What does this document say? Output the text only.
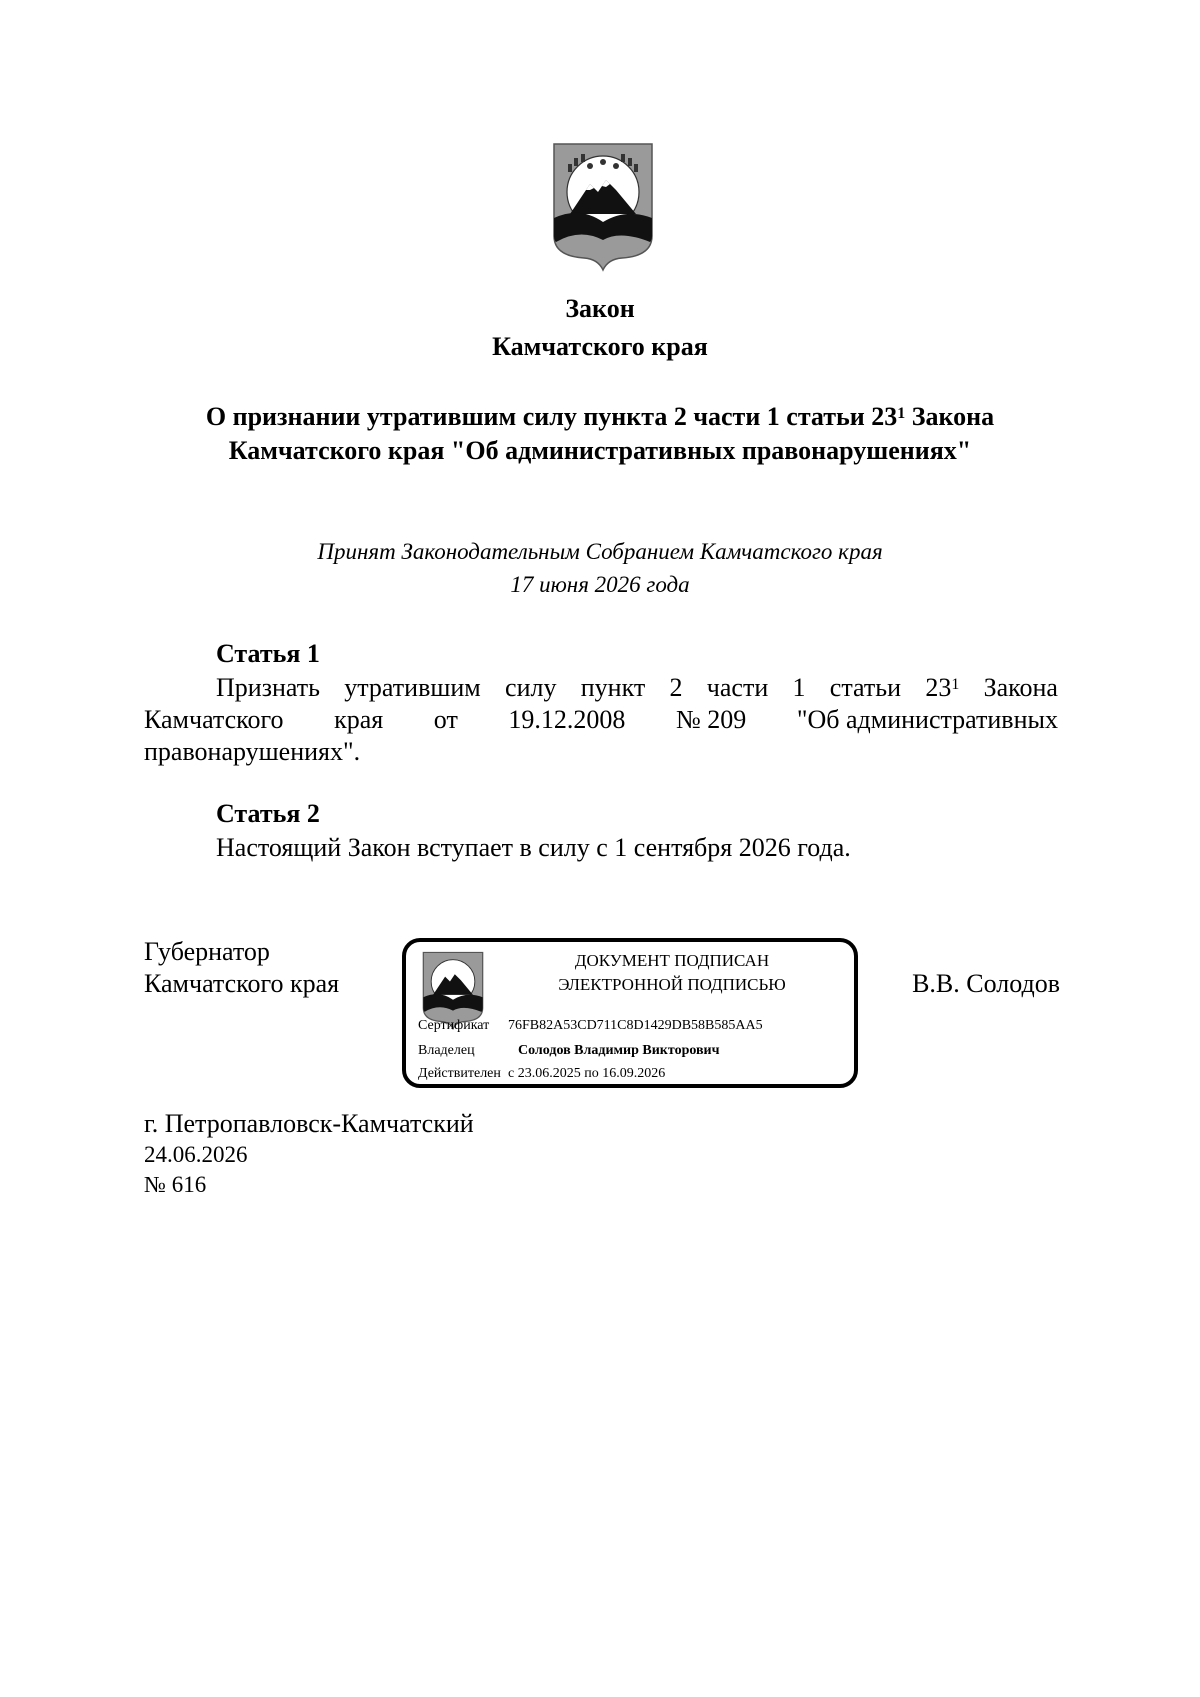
Закон
Камчатского края
О признании утратившим силу пункта 2 части 1 статьи $23^1$ Закона
Камчатского края "Об административных правонарушениях"
Принят Законодательным Собранием Камчатского края
17 июня 2026 года
Статья 1
Признать утратившим силу пункт 2 части 1 статьи $23^1$ Закона
Камчатского края от 19.12.2008 № 209 "Об административных
правонарушениях".
Статья 2
Настоящий Закон вступает в силу с 1 сентября 2026 года.
Губернатор
Камчатского края
ДОКУМЕНТ ПОДПИСАН
ЭЛЕКТРОННОЙ ПОДПИСЬЮ
Сертификат 76FB82A53CD711C8D1429DB58B585AA5
Владелец	Солодов Владимир Викторович
Действителен с 23.06.2025 по 16.09.2026
В.В. Солодов
г. Петропавловск-Камчатский
24.06.2026
№ 616
